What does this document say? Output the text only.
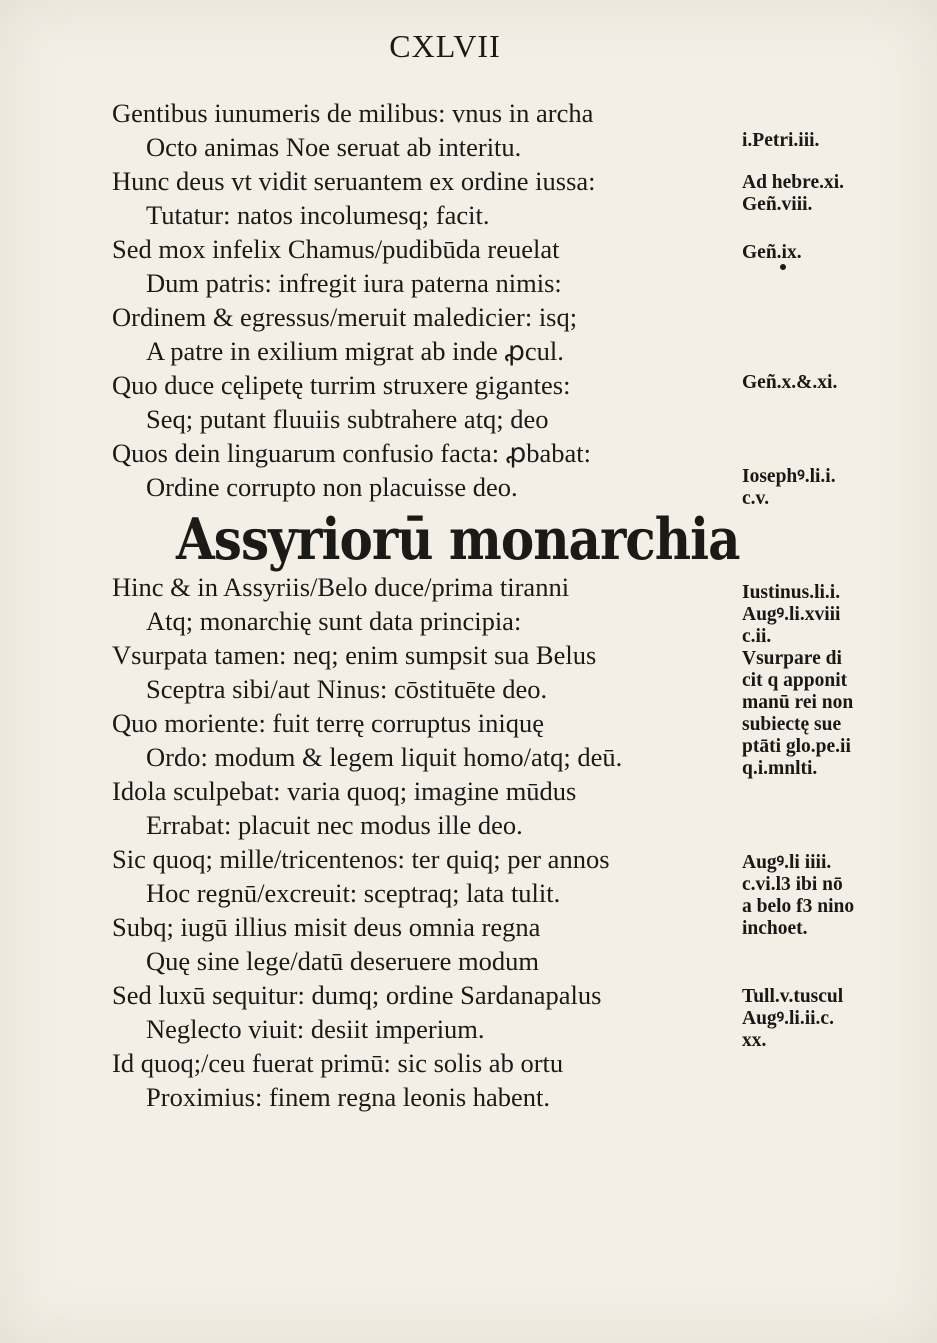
CXLVII
Gentibus iunumeris de milibus: vnus in archa
Octo animas Noe seruat ab interitu.
Hunc deus vt vidit seruantem ex ordine iussa:
Tutatur: natos incolumesq; facit.
Sed mox infelix Chamus/pudibūda reuelat
Dum patris: infregit iura paterna nimis:
Ordinem & egressus/meruit maledicier: isq;
A patre in exilium migrat ab inde ꝓcul.
Quo duce cęlipetę turrim struxere gigantes:
Seq; putant fluuiis subtrahere atq; deo
Quos dein linguarum confusio facta: ꝓbabat:
Ordine corrupto non placuisse deo.
Hinc & in Assyriis/Belo duce/prima tiranni
Atq; monarchię sunt data principia:
Vsurpata tamen: neq; enim sumpsit sua Belus
Sceptra sibi/aut Ninus: cōstituēte deo.
Quo moriente: fuit terrę corruptus iniquę
Ordo: modum & legem liquit homo/atq; deū.
Idola sculpebat: varia quoq; imagine mūdus
Errabat: placuit nec modus ille deo.
Sic quoq; mille/tricentenos: ter quiq; per annos
Hoc regnū/excreuit: sceptraq; lata tulit.
Subq; iugū illius misit deus omnia regna
Quę sine lege/datū deseruere modum
Sed luxū sequitur: dumq; ordine Sardanapalus
Neglecto viuit: desiit imperium.
Id quoq;/ceu fuerat primū: sic solis ab ortu
Proximius: finem regna leonis habent.
Assyriorū monarchia
i.Petri.iii.
Ad hebre.xi.
Geñ.viii.
Geñ.ix.
Geñ.x.&.xi.
Iosephꝰ.li.i.
c.v.
Iustinus.li.i.
Augꝰ.li.xviii
c.ii.
Vsurpare di
cit q apponit
manū rei non
subiectę sue
ptāti glo.pe.ii
q.i.mnlti.
Augꝰ.li iiii.
c.vi.l3 ibi nō
a belo f3 nino
inchoet.
Tull.v.tuscul
Augꝰ.li.ii.c.
xx.
